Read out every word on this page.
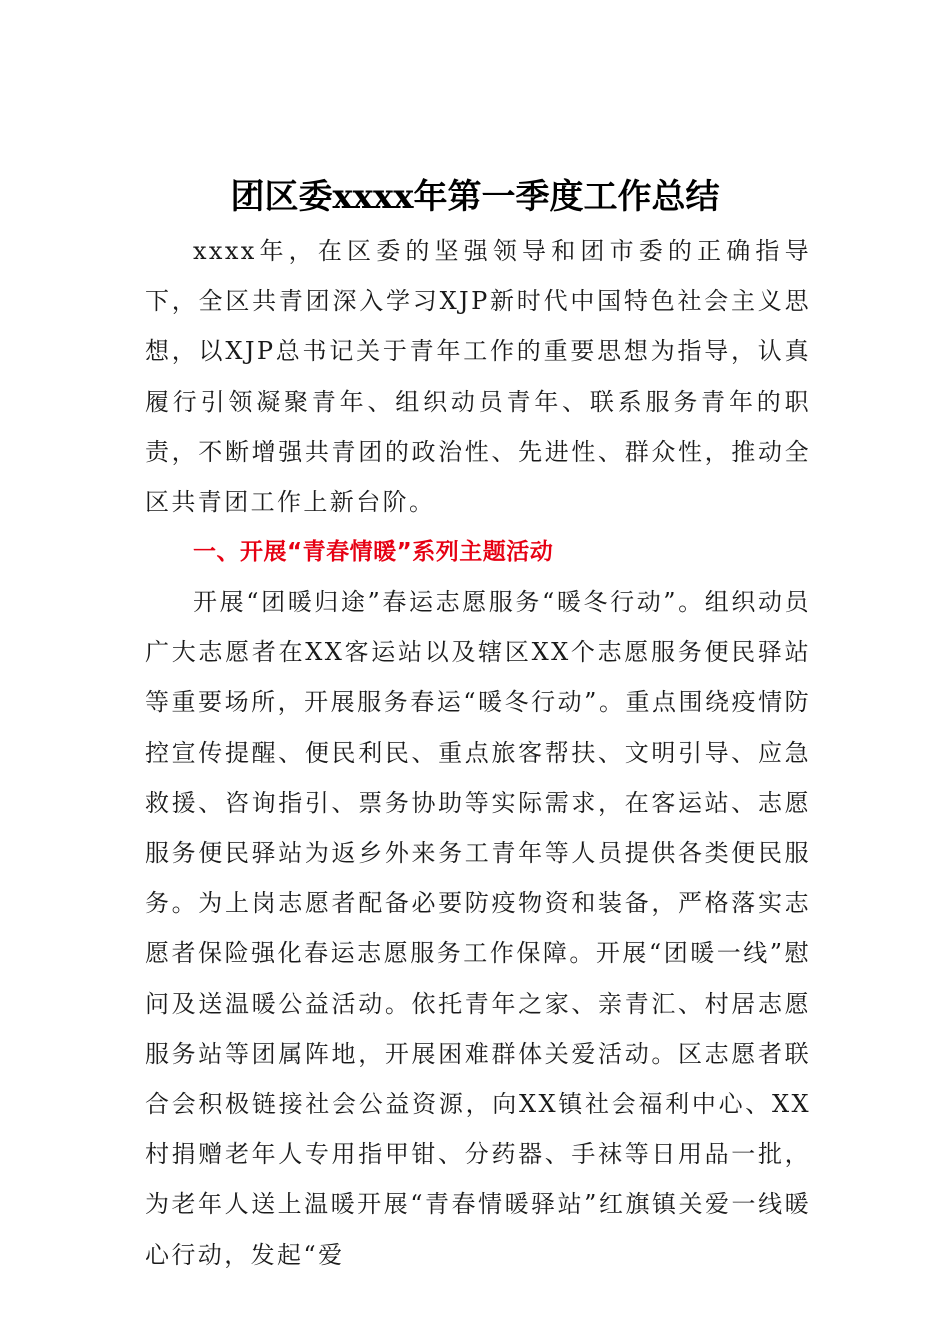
团区委xxxx年第一季度工作总结

xxxx年，在区委的坚强领导和团市委的正确指导下，全区共青团深入学习XJP新时代中国特色社会主义思想，以XJP总书记关于青年工作的重要思想为指导，认真履行引领凝聚青年、组织动员青年、联系服务青年的职责，不断增强共青团的政治性、先进性、群众性，推动全区共青团工作上新台阶。

一、开展“青春情暖”系列主题活动

开展“团暖归途”春运志愿服务“暖冬行动”。组织动员广大志愿者在XX客运站以及辖区XX个志愿服务便民驿站等重要场所，开展服务春运“暖冬行动”。重点围绕疫情防控宣传提醒、便民利民、重点旅客帮扶、文明引导、应急救援、咨询指引、票务协助等实际需求，在客运站、志愿服务便民驿站为返乡外来务工青年等人员提供各类便民服务。为上岗志愿者配备必要防疫物资和装备，严格落实志愿者保险强化春运志愿服务工作保障。开展“团暖一线”慰问及送温暖公益活动。依托青年之家、亲青汇、村居志愿服务站等团属阵地，开展困难群体关爱活动。区志愿者联合会积极链接社会公益资源，向XX镇社会福利中心、XX村捐赠老年人专用指甲钳、分药器、手袜等日用品一批，为老年人送上温暖开展“青春情暖驿站”红旗镇关爱一线暖心行动，发起“爱
